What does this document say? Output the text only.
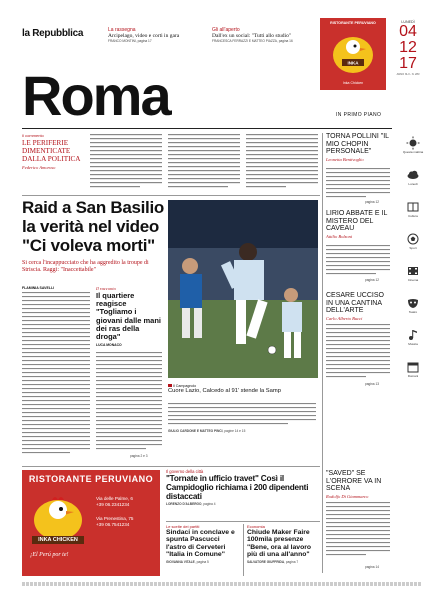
la Repubblica	La rassegna
Arcipelago, video e corti in gara
FRANCO MONTINI, pagina 17
Gli all'aperto
Dall'ex un social: "Tutti allo studio"
FRANCESCA FERRAZZI E MATTEO PIAZZA, pagina 16
RISTORANTE PERUVIANO
INKA
Inka Chicken
LUNEDÌ
04
12
17
ANNO XLII - N. 283
Roma	IN PRIMO PIANO
Il commento
LE PERIFERIE DIMENTICATE DALLA POLITICA
Federico Amoroso
Raid a San Basilio la verità nel video "Ci voleva morti"
Si cerca l'incappucciato che ha aggredito la troupe di Striscia. Raggi: "Inaccettabile"
FLAMINIA SAVELLI	Il racconto
Il quartiere reagisce "Togliamo i giovani dalle mani dei ras della droga"
LUCA MONACO
pagina 2 e 3
Il Campagnolo
Cuore Lazio, Calcedo al 91' stende la Samp
GIULIO CARDONE E MATTEO PINCI, pagine 14 e 15
TORNA POLLINI "IL MIO CHOPIN PERSONALE"
Leonetta Bentivoglio
pagina 12
LIRIO ABBATE E IL MISTERO DEL CAVEAU
Attilio Bolzoni
pagina 12
CESARE UCCISO IN UNA CANTINA DELL'ARTE
Carlo Alberto Bucci
pagina 13
"SAVED" SE L'ORRORE VA IN SCENA
Rodolfo Di Giammarco
pagina 14
Questa mattina
Lunedì
Cultura
Sport
Cinema
Teatro
Musica
Domani
RISTORANTE PERUVIANO
INKA CHICKEN
¡El Perú por te!
Via delle Palme, 6
+39 06.2341234
Via Prenestina, 75
+39 06.7541234
Il governo della città
"Tornate in ufficio travet" Così il Campidoglio richiama i 200 dipendenti distaccati
LORENZO D'ALBERGO, pagina 4
Le scelte dei partiti
Sindaci in conclave e spunta Pascucci l'astro di Cerveteri "Italia in Comune"
GIOVANNA VITALE, pagina 5
Economia
Chiude Maker Faire 100mila presenze "Bene, ora al lavoro più di una all'anno"
SALVATORE GIUFFRIDA, pagina 7
